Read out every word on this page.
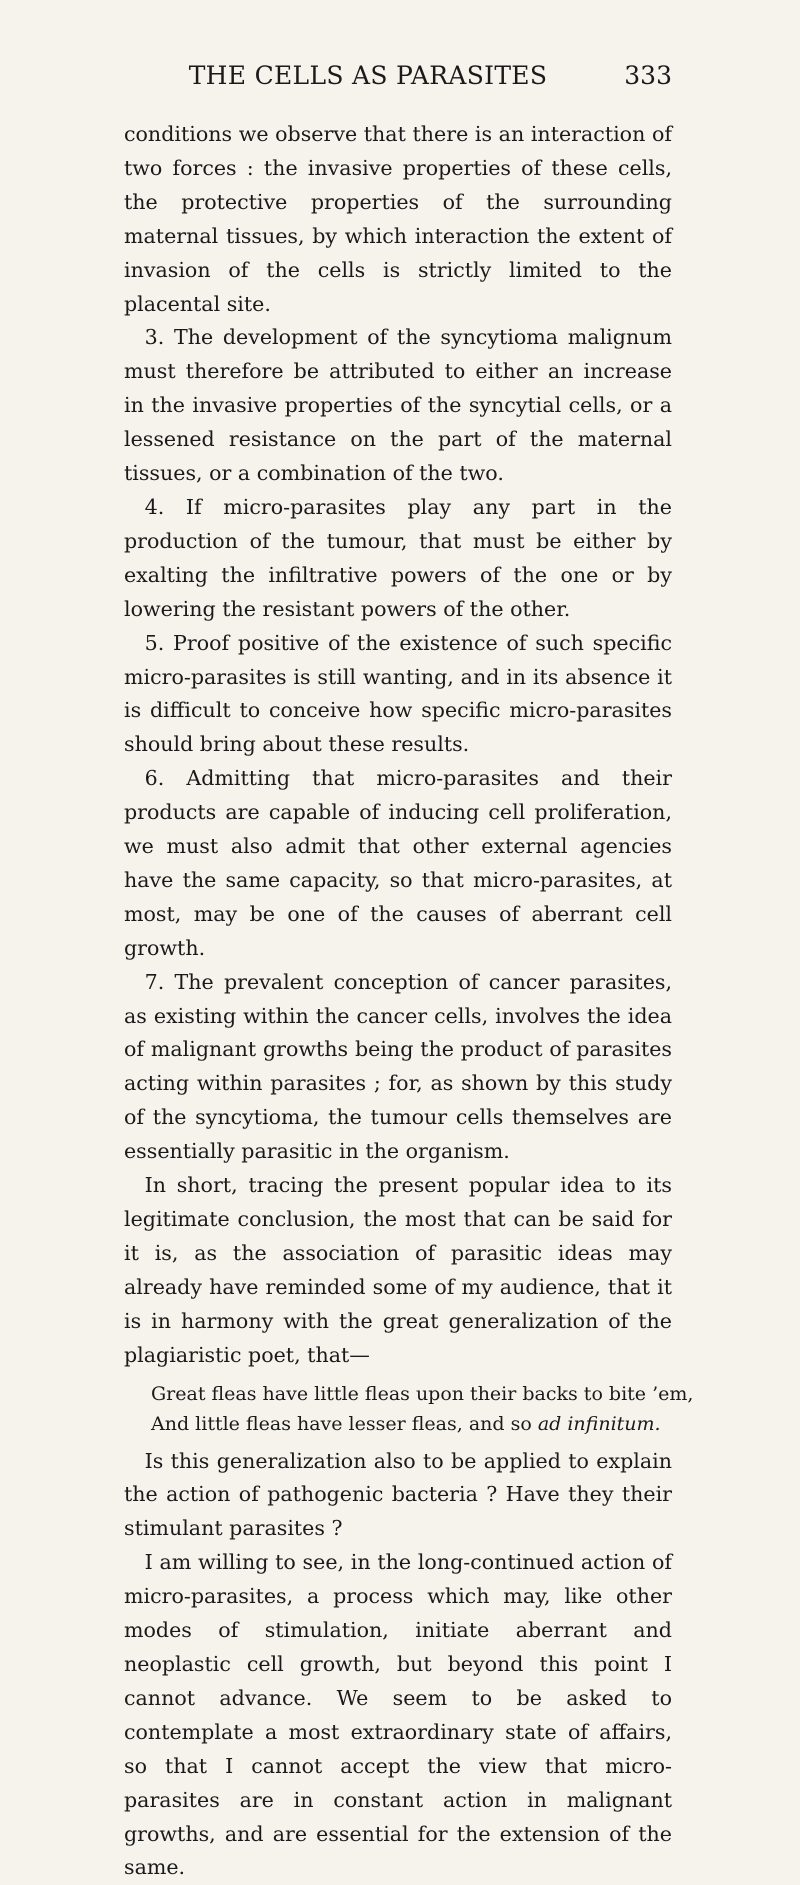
THE CELLS AS PARASITES	333

conditions we observe that there is an interaction of two forces : the invasive properties of these cells, the protective properties of the surrounding maternal tissues, by which interaction the extent of invasion of the cells is strictly limited to the placental site.

3. The development of the syncytioma malignum must therefore be attributed to either an increase in the invasive properties of the syncytial cells, or a lessened resistance on the part of the maternal tissues, or a combination of the two.

4. If micro-parasites play any part in the production of the tumour, that must be either by exalting the infiltrative powers of the one or by lowering the resistant powers of the other.

5. Proof positive of the existence of such specific micro-parasites is still wanting, and in its absence it is difficult to conceive how specific micro-parasites should bring about these results.

6. Admitting that micro-parasites and their products are capable of inducing cell proliferation, we must also admit that other external agencies have the same capacity, so that micro-parasites, at most, may be one of the causes of aberrant cell growth.

7. The prevalent conception of cancer parasites, as existing within the cancer cells, involves the idea of malignant growths being the product of parasites acting within parasites ; for, as shown by this study of the syncytioma, the tumour cells themselves are essentially parasitic in the organism.

In short, tracing the present popular idea to its legitimate conclusion, the most that can be said for it is, as the association of parasitic ideas may already have reminded some of my audience, that it is in harmony with the great generalization of the plagiaristic poet, that—

Great fleas have little fleas upon their backs to bite ’em,
And little fleas have lesser fleas, and so ad infinitum.

Is this generalization also to be applied to explain the action of pathogenic bacteria ? Have they their stimulant parasites ?

I am willing to see, in the long-continued action of micro-parasites, a process which may, like other modes of stimulation, initiate aberrant and neoplastic cell growth, but beyond this point I cannot advance. We seem to be asked to contemplate a most extraordinary state of affairs, so that I cannot accept the view that micro-parasites are in constant action in malignant growths, and are essential for the extension of the same.
